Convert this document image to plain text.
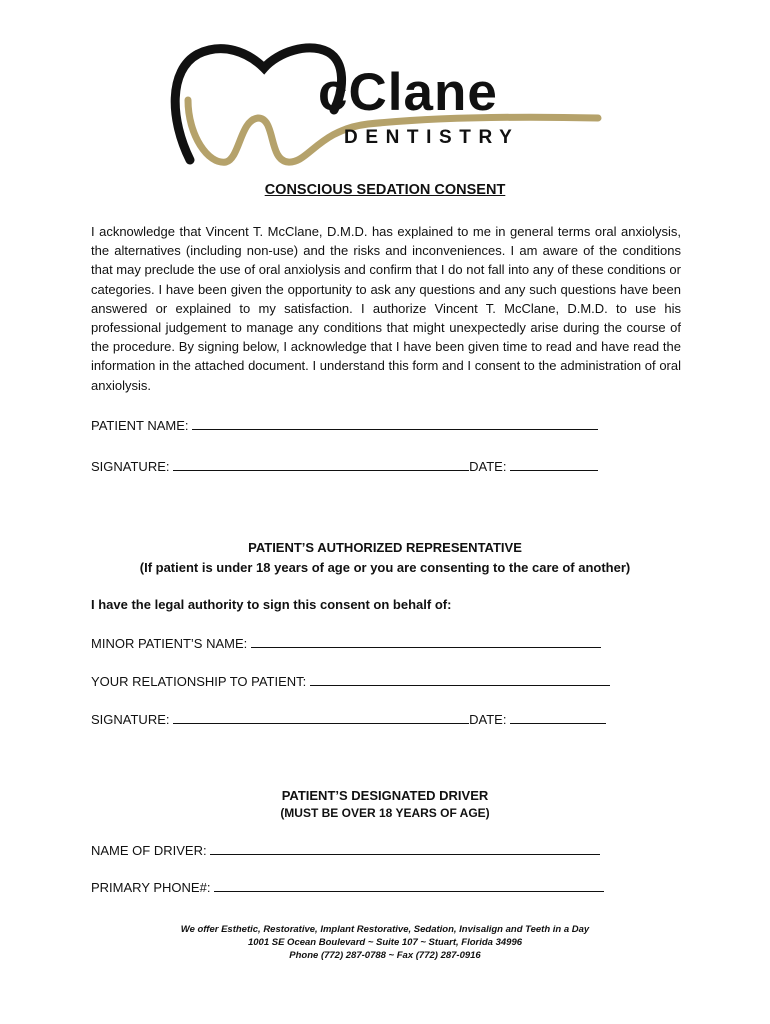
cClane
DENTISTRY
CONSCIOUS SEDATION CONSENT

I acknowledge that Vincent T. McClane, D.M.D. has explained to me in general terms oral anxiolysis, the alternatives (including non-use) and the risks and inconveniences. I am aware of the conditions that may preclude the use of oral anxiolysis and confirm that I do not fall into any of these conditions or categories. I have been given the opportunity to ask any questions and any such questions have been answered or explained to my satisfaction. I authorize Vincent T. McClane, D.M.D. to use his professional judgement to manage any conditions that might unexpectedly arise during the course of the procedure. By signing below, I acknowledge that I have been given time to read and have read the information in the attached document. I understand this form and I consent to the administration of oral anxiolysis.

PATIENT NAME:
SIGNATURE:	DATE:
PATIENT’S AUTHORIZED REPRESENTATIVE
(If patient is under 18 years of age or you are consenting to the care of another)
I have the legal authority to sign this consent on behalf of:
MINOR PATIENT’S NAME:
YOUR RELATIONSHIP TO PATIENT:
SIGNATURE:	DATE:
PATIENT’S DESIGNATED DRIVER
(MUST BE OVER 18 YEARS OF AGE)
NAME OF DRIVER:
PRIMARY PHONE#:
We offer Esthetic, Restorative, Implant Restorative, Sedation, Invisalign and Teeth in a Day
1001 SE Ocean Boulevard ~ Suite 107 ~ Stuart, Florida 34996
Phone (772) 287-0788 ~ Fax (772) 287-0916
